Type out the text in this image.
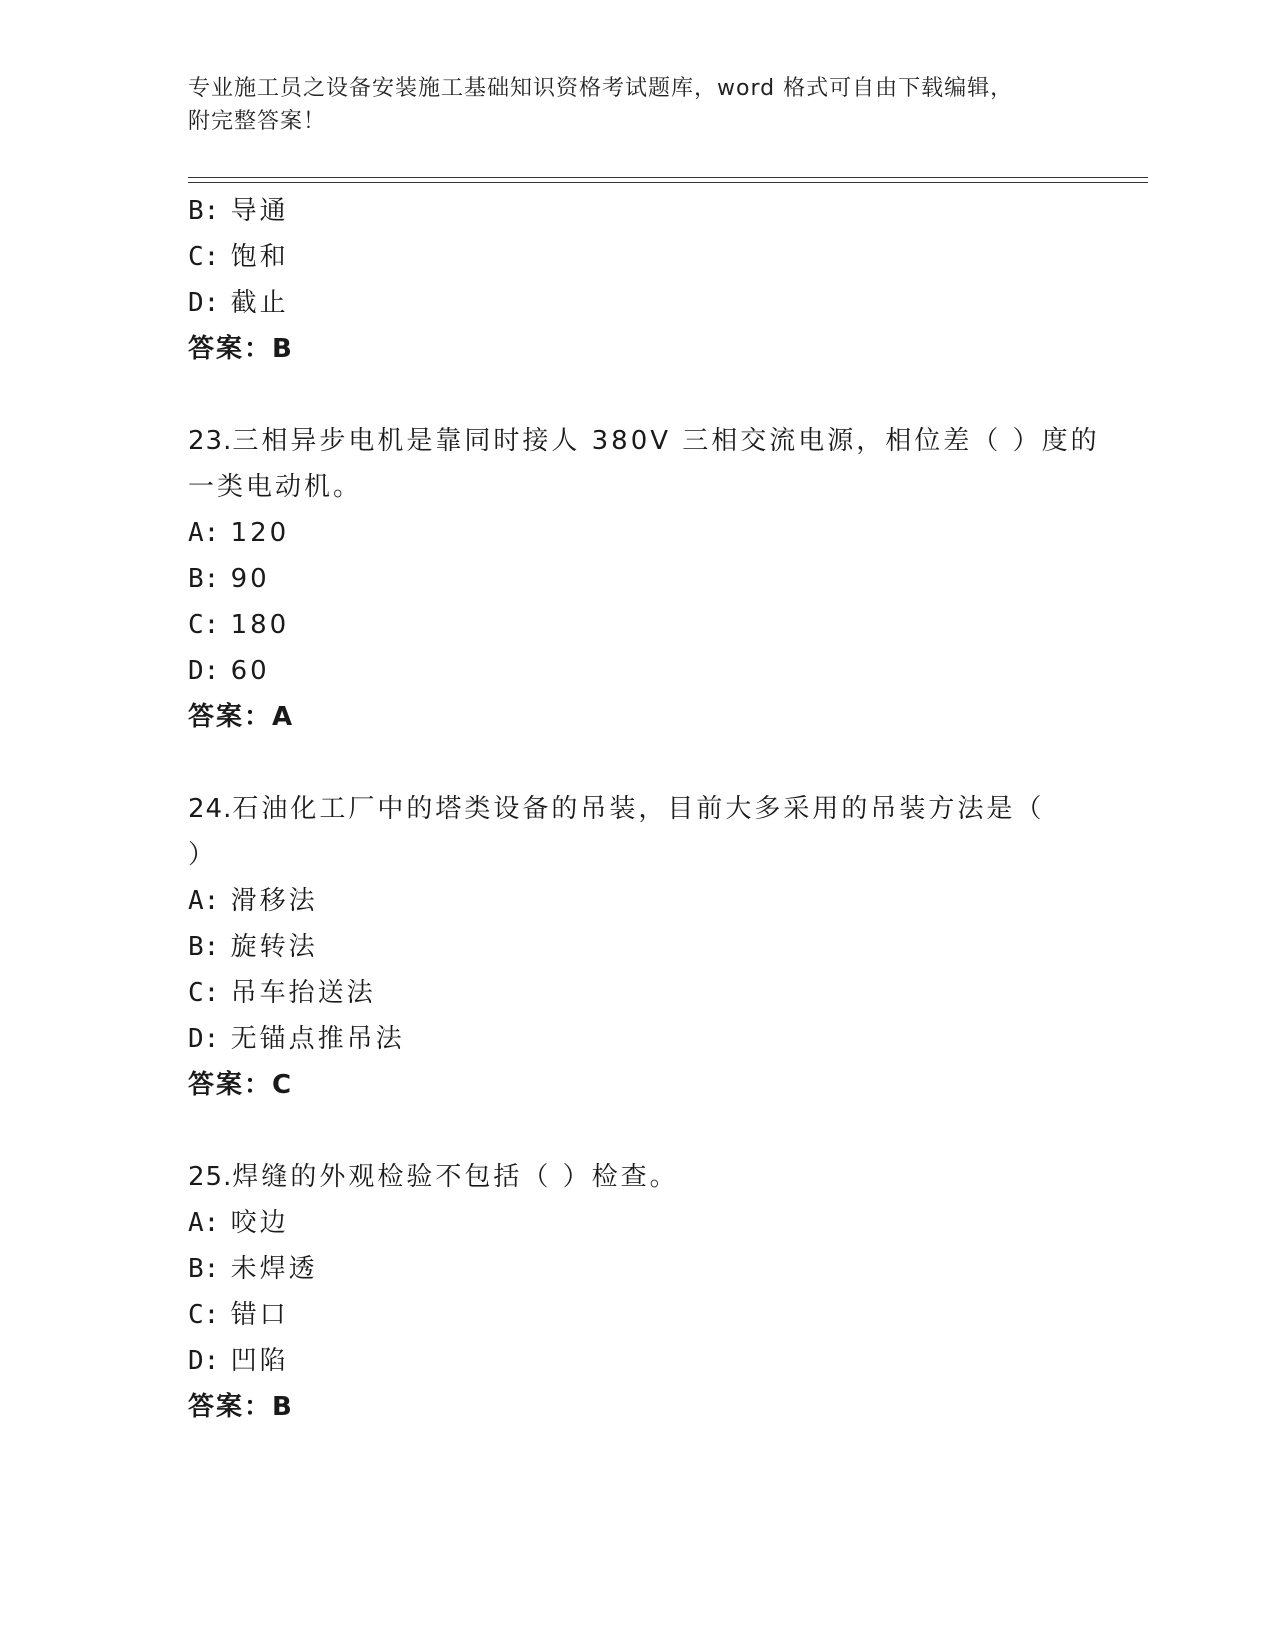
专业施工员之设备安装施工基础知识资格考试题库，word 格式可自由下载编辑，
附完整答案！
B: 导通
C: 饱和
D: 截止
答案：B
23.三相异步电机是靠同时接人 380V 三相交流电源，相位差（ ）度的
一类电动机。
A: 120
B: 90
C: 180
D: 60
答案：A
24.石油化工厂中的塔类设备的吊装，目前大多采用的吊装方法是（
）
A: 滑移法
B: 旋转法
C: 吊车抬送法
D: 无锚点推吊法
答案：C
25.焊缝的外观检验不包括（ ）检查。
A: 咬边
B: 未焊透
C: 错口
D: 凹陷
答案：B
